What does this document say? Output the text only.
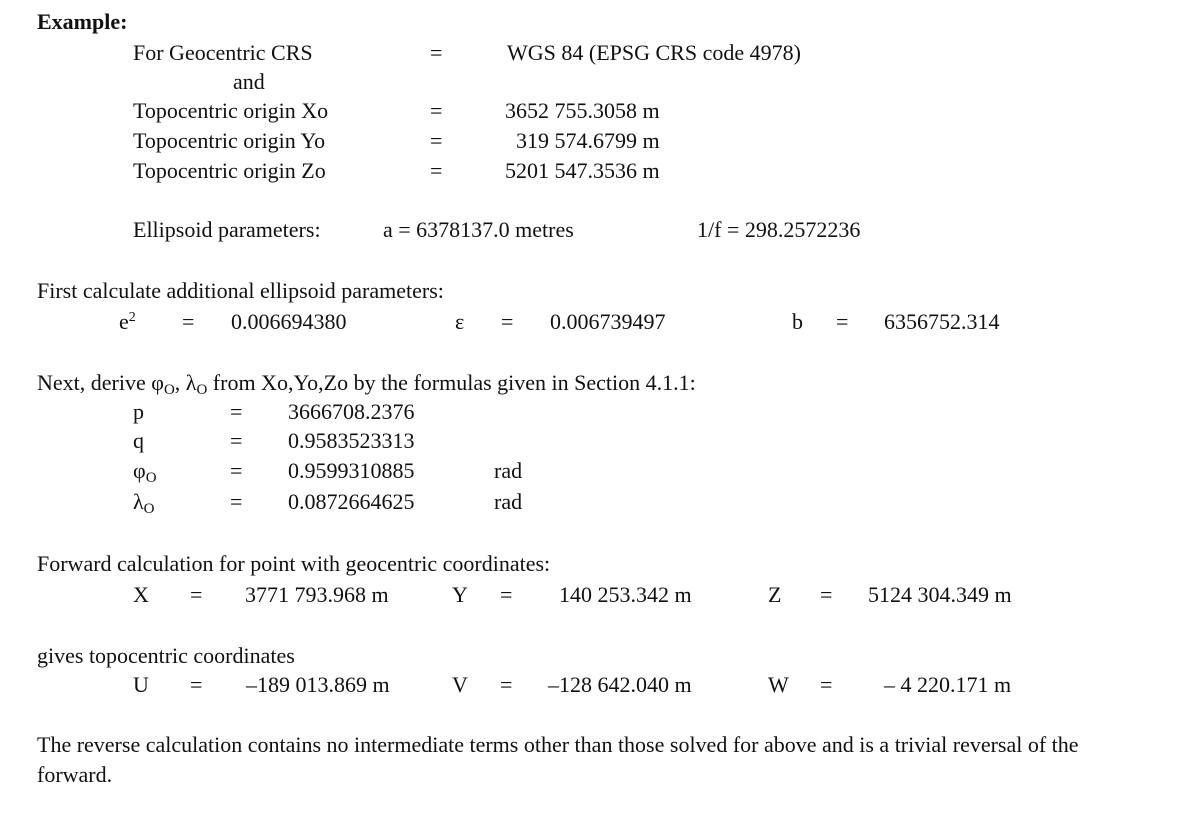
Example:
For Geocentric CRS	=	WGS 84 (EPSG CRS code 4978)
and
Topocentric origin Xo	=	3652 755.3058 m
Topocentric origin Yo	=	319 574.6799 m
Topocentric origin Zo	=	5201 547.3536 m
Ellipsoid parameters:	a = 6378137.0 metres	1/f = 298.2572236
First calculate additional ellipsoid parameters:
$e^2 = 0.006694380$	ε = 0.006739497	b = 6356752.314
Next, derive $\varphi_O$, $\lambda_O$ from Xo,Yo,Zo by the formulas given in Section 4.1.1:
p	= 3666708.2376
q	= 0.9583523313
$\varphi_O$	= 0.9599310885	rad
$\lambda_O$	= 0.0872664625	rad
Forward calculation for point with geocentric coordinates:
X = 3771 793.968 m	Y = 140 253.342 m	Z = 5124 304.349 m
gives topocentric coordinates
U = –189 013.869 m	V = –128 642.040 m	W = – 4 220.171 m
The reverse calculation contains no intermediate terms other than those solved for above and is a trivial reversal of the forward.
